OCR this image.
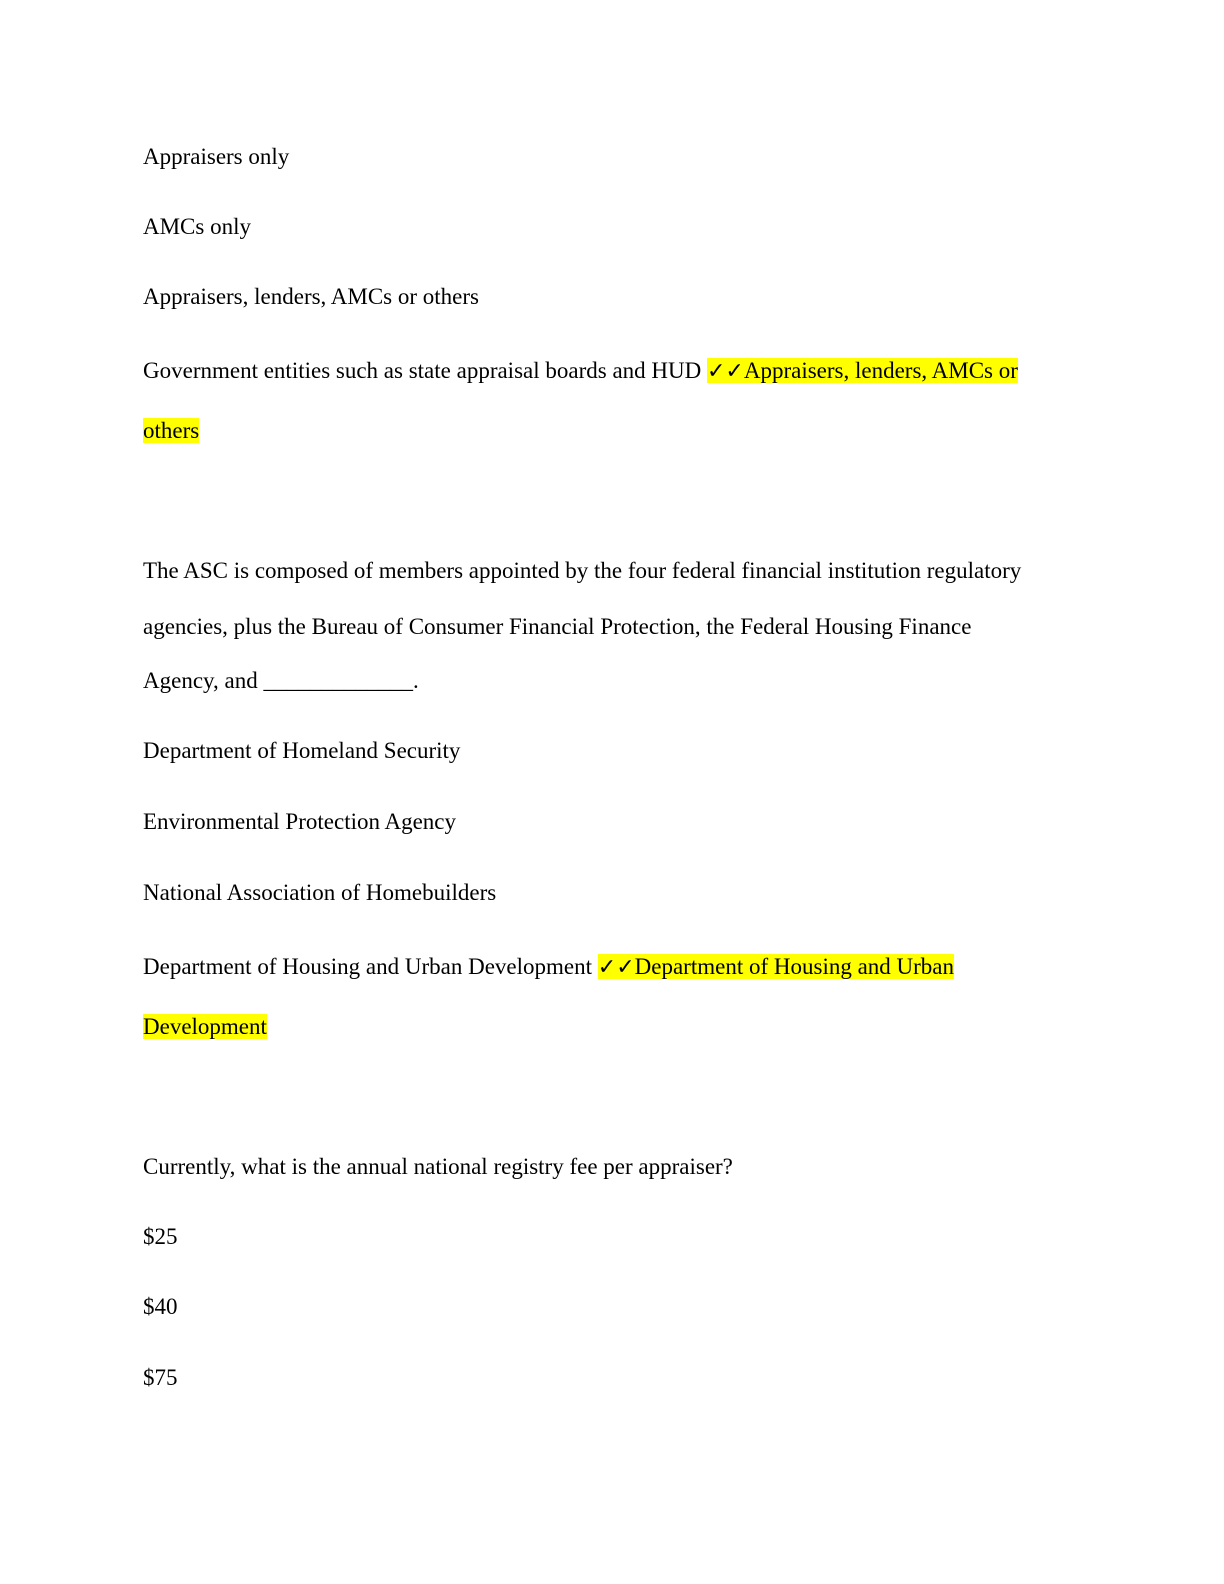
Appraisers only
AMCs only
Appraisers, lenders, AMCs or others
Government entities such as state appraisal boards and HUD ✓✓Appraisers, lenders, AMCs or
others
The ASC is composed of members appointed by the four federal financial institution regulatory
agencies, plus the Bureau of Consumer Financial Protection, the Federal Housing Finance
Agency, and _____________.
Department of Homeland Security
Environmental Protection Agency
National Association of Homebuilders
Department of Housing and Urban Development ✓✓Department of Housing and Urban
Development
Currently, what is the annual national registry fee per appraiser?
$25
$40
$75
